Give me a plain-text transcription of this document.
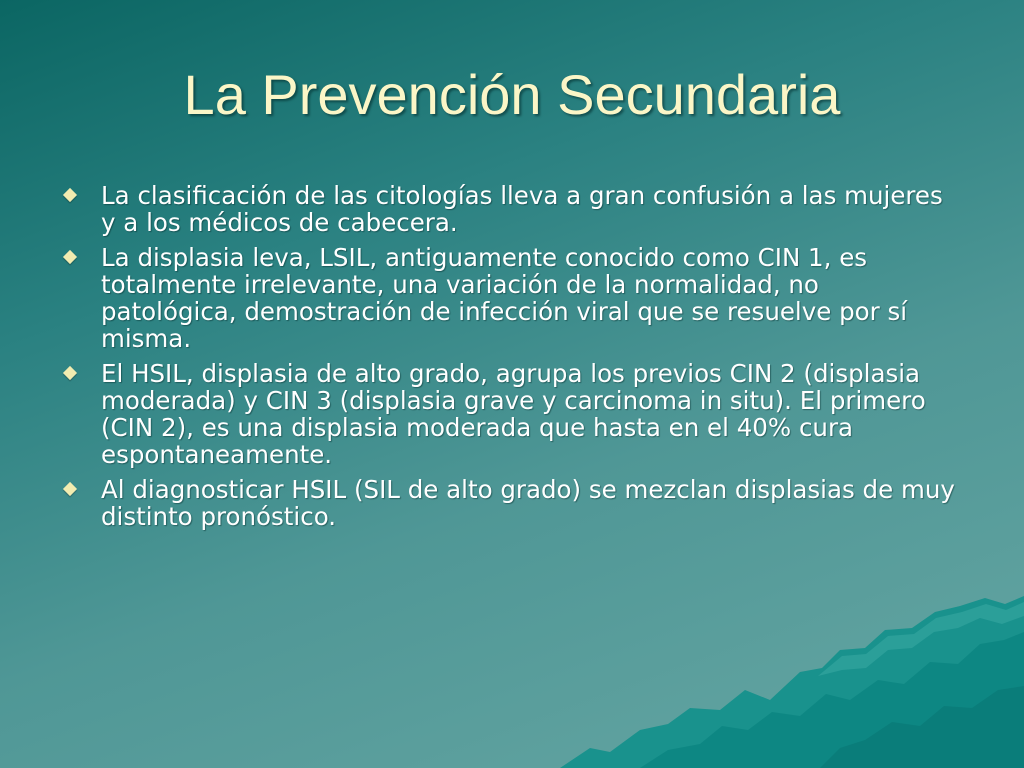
La Prevención Secundaria
La clasificación de las citologías lleva a gran confusión a las mujeres y a los médicos de cabecera.
La displasia leva, LSIL, antiguamente conocido como CIN 1, es totalmente irrelevante, una variación de la normalidad, no patológica, demostración de infección viral que se resuelve por sí misma.
El HSIL, displasia de alto grado, agrupa los previos CIN 2 (displasia moderada) y CIN 3 (displasia grave y carcinoma in situ). El primero (CIN 2), es una displasia moderada que hasta en el 40% cura espontaneamente.
Al diagnosticar HSIL (SIL de alto grado) se mezclan displasias de muy distinto pronóstico.
